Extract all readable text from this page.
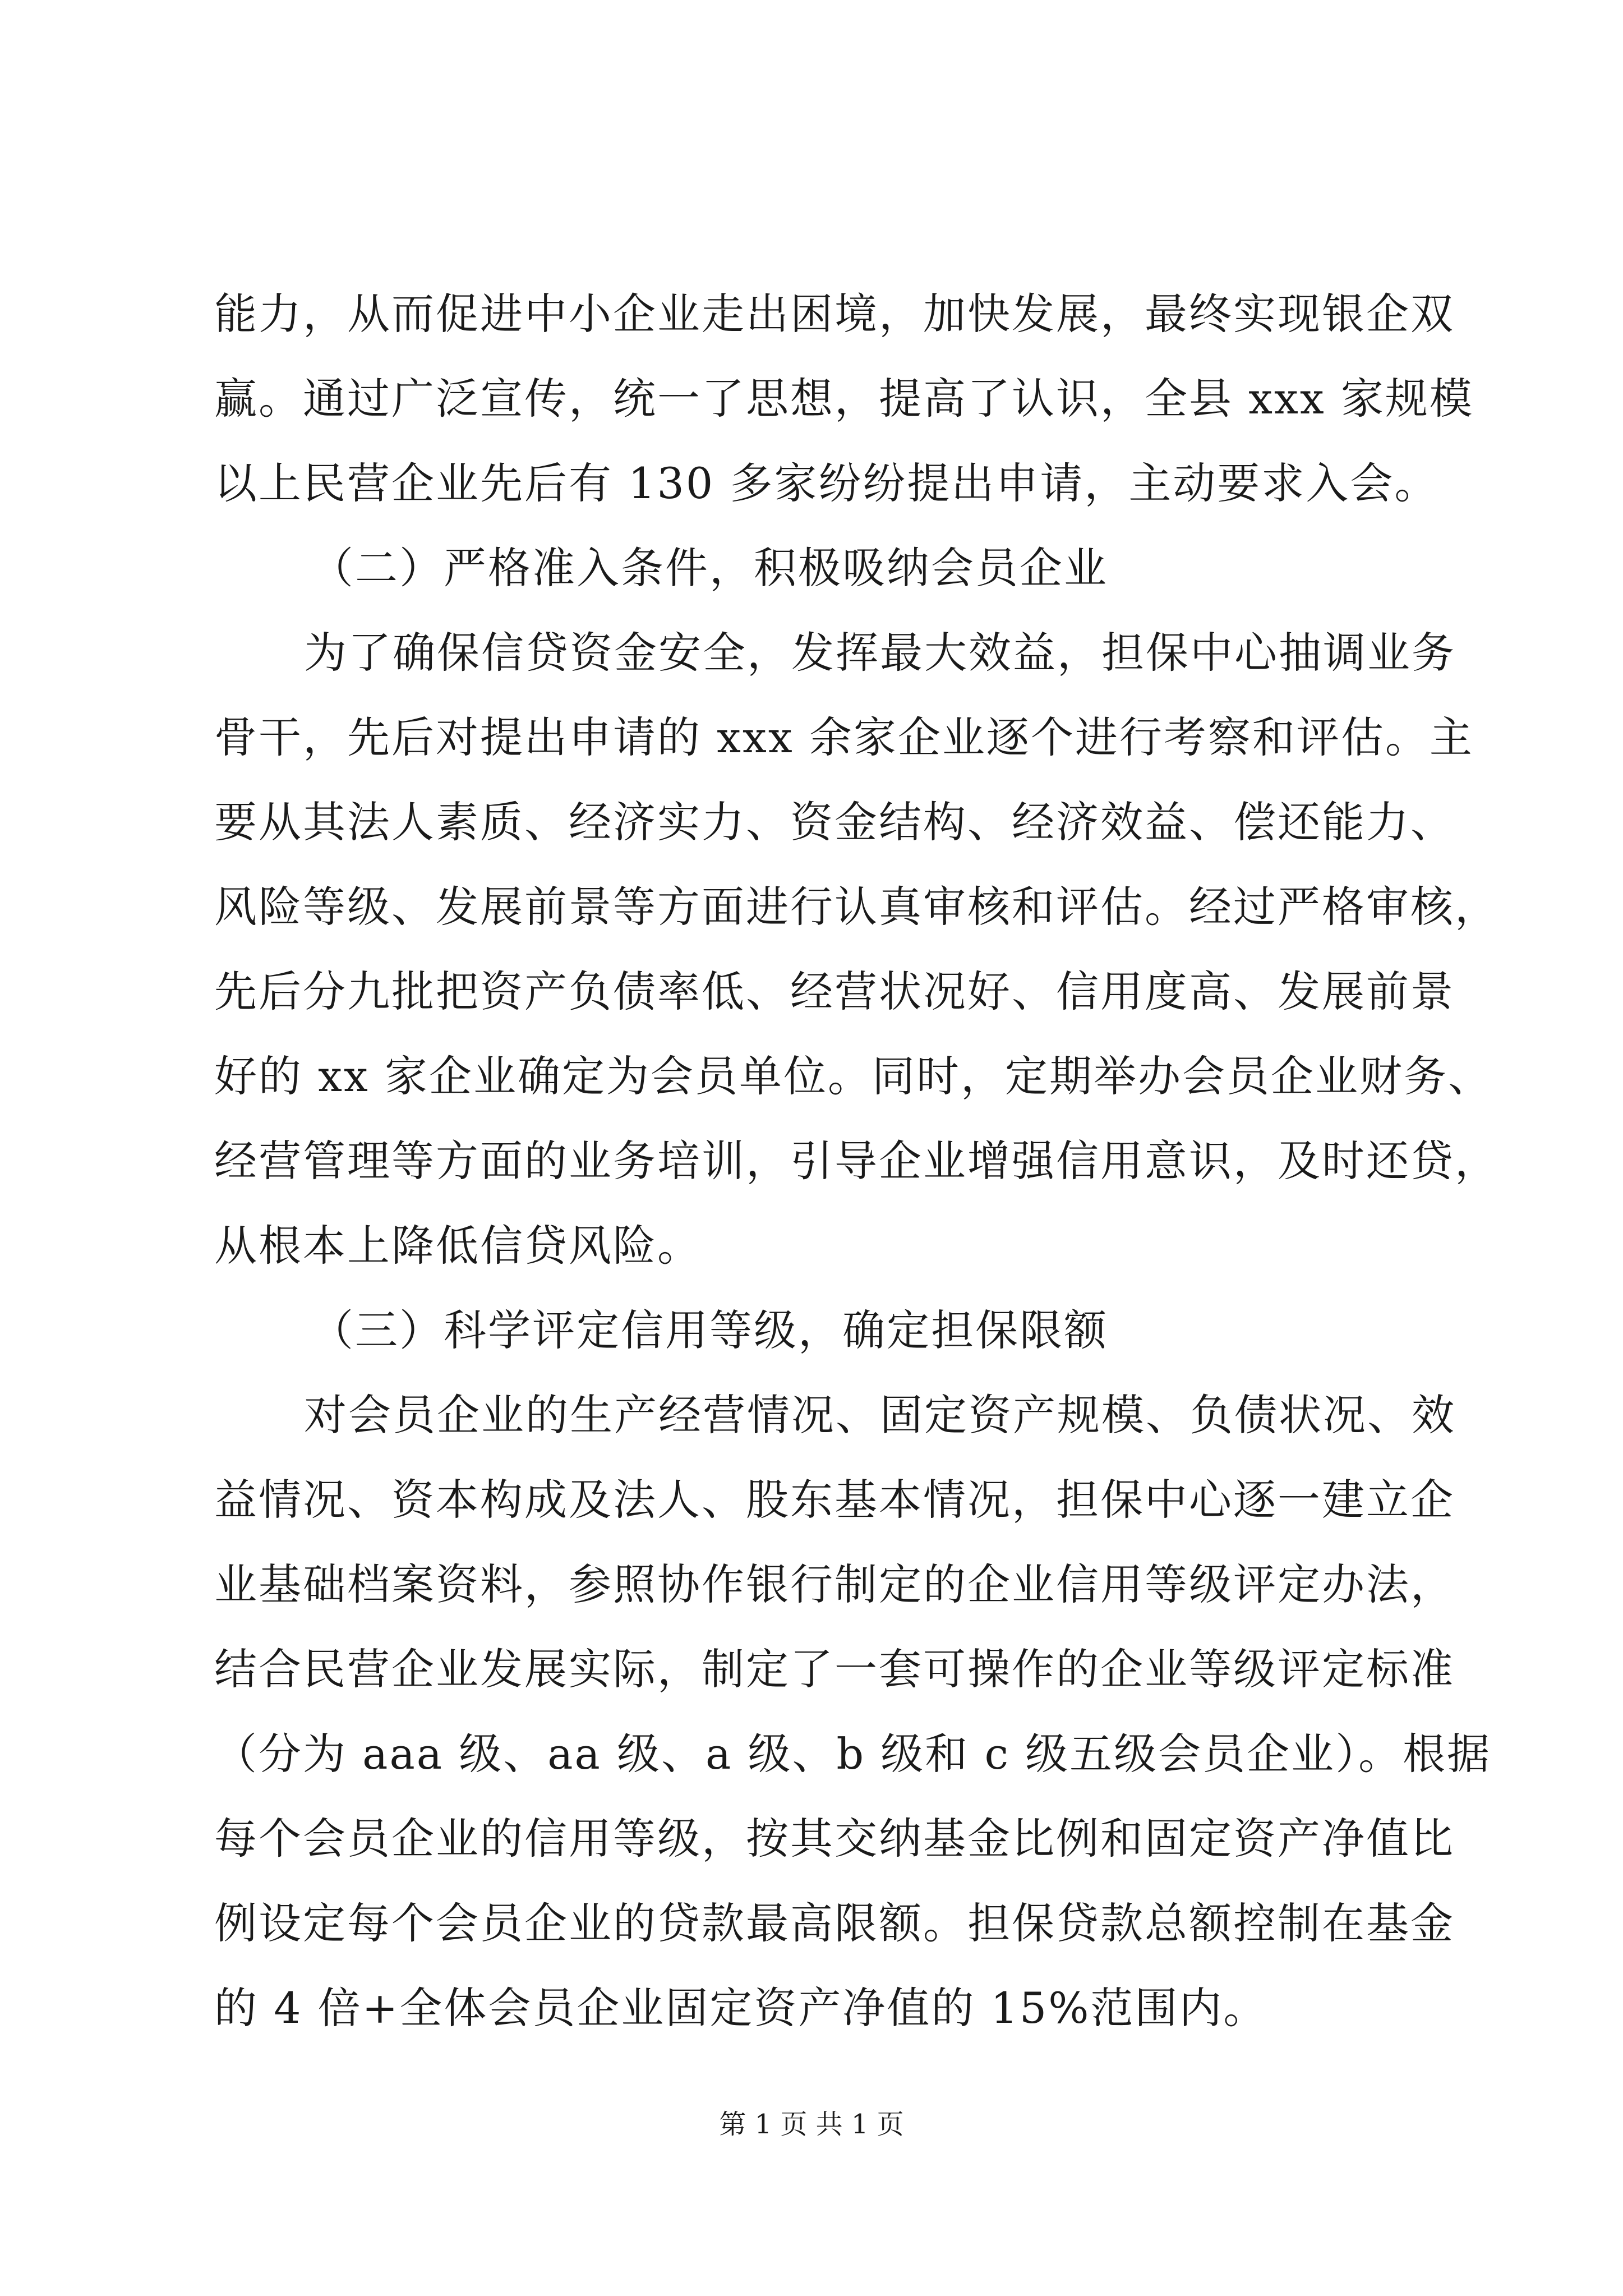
能力，从而促进中小企业走出困境，加快发展，最终实现银企双
赢。通过广泛宣传，统一了思想，提高了认识，全县 xxx 家规模
以上民营企业先后有 130 多家纷纷提出申请，主动要求入会。
（二）严格准入条件，积极吸纳会员企业
为了确保信贷资金安全，发挥最大效益，担保中心抽调业务
骨干，先后对提出申请的 xxx 余家企业逐个进行考察和评估。主
要从其法人素质、经济实力、资金结构、经济效益、偿还能力、
风险等级、发展前景等方面进行认真审核和评估。经过严格审核，
先后分九批把资产负债率低、经营状况好、信用度高、发展前景
好的 xx 家企业确定为会员单位。同时，定期举办会员企业财务、
经营管理等方面的业务培训，引导企业增强信用意识，及时还贷，
从根本上降低信贷风险。
（三）科学评定信用等级，确定担保限额
对会员企业的生产经营情况、固定资产规模、负债状况、效
益情况、资本构成及法人、股东基本情况，担保中心逐一建立企
业基础档案资料，参照协作银行制定的企业信用等级评定办法，
结合民营企业发展实际，制定了一套可操作的企业等级评定标准
（分为 aaa 级、aa 级、a 级、b 级和 c 级五级会员企业）。根据
每个会员企业的信用等级，按其交纳基金比例和固定资产净值比
例设定每个会员企业的贷款最高限额。担保贷款总额控制在基金
的 4 倍+全体会员企业固定资产净值的 15%范围内。
第 1 页 共 1 页
